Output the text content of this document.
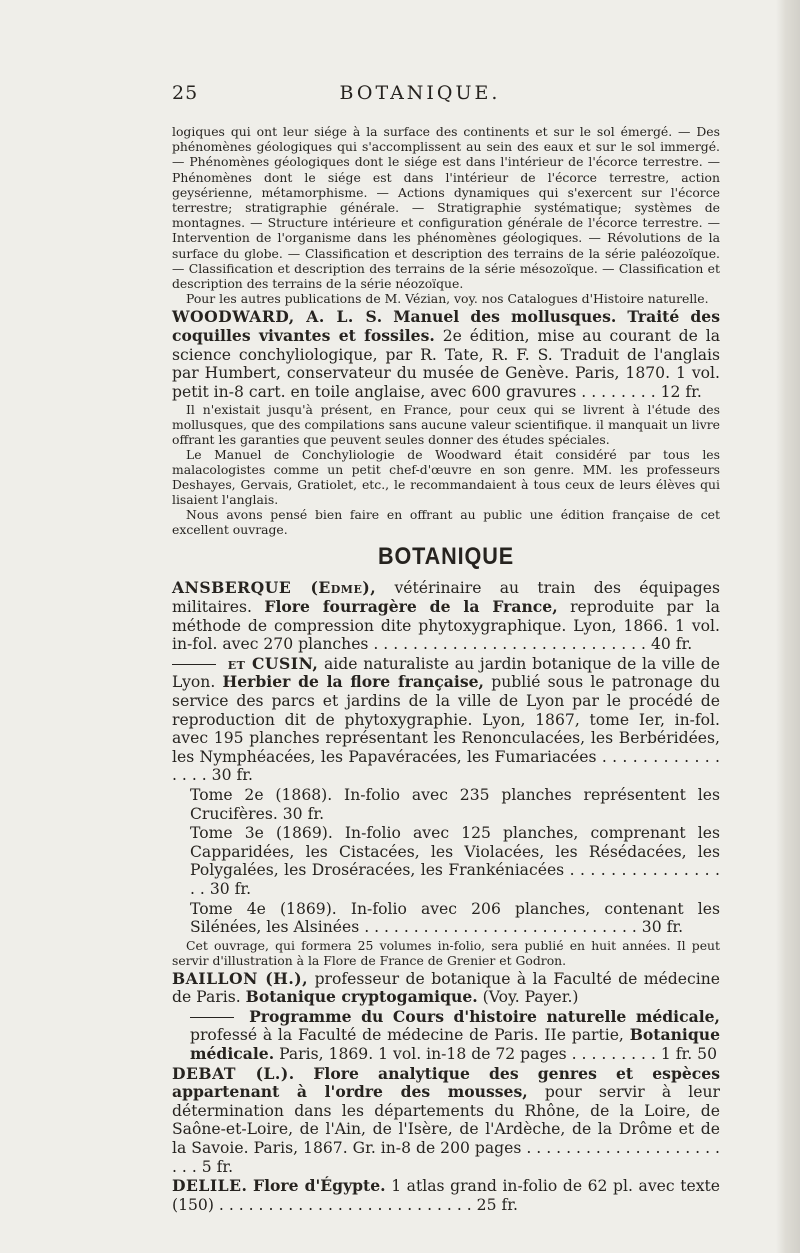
25	BOTANIQUE.

logiques qui ont leur siége à la surface des continents et sur le sol émergé. — Des phénomènes géologiques qui s'accomplissent au sein des eaux et sur le sol immergé. — Phénomènes géologiques dont le siége est dans l'intérieur de l'écorce terrestre. — Phénomènes dont le siége est dans l'intérieur de l'écorce terrestre, action geysérienne, métamorphisme. — Actions dynamiques qui s'exercent sur l'écorce terrestre; stratigraphie générale. — Stratigraphie systématique; systèmes de montagnes. — Structure intérieure et configuration générale de l'écorce terrestre. — Intervention de l'organisme dans les phénomènes géologiques. — Révolutions de la surface du globe. — Classification et description des terrains de la série paléozoïque. — Classification et description des terrains de la série mésozoïque. — Classification et description des terrains de la série néozoïque.

Pour les autres publications de M. Vézian, voy. nos Catalogues d'Histoire naturelle.

WOODWARD, A. L. S. Manuel des mollusques. Traité des coquilles vivantes et fossiles. 2e édition, mise au courant de la science conchyliologique, par R. Tate, R. F. S. Traduit de l'anglais par Humbert, conservateur du musée de Genève. Paris, 1870. 1 vol. petit in-8 cart. en toile anglaise, avec 600 gravures . . . . . . . . 12 fr.

Il n'existait jusqu'à présent, en France, pour ceux qui se livrent à l'étude des mollusques, que des compilations sans aucune valeur scientifique. il manquait un livre offrant les garanties que peuvent seules donner des études spéciales.

Le Manuel de Conchyliologie de Woodward était considéré par tous les malacologistes comme un petit chef-d'œuvre en son genre. MM. les professeurs Deshayes, Gervais, Gratiolet, etc., le recommandaient à tous ceux de leurs élèves qui lisaient l'anglais.

Nous avons pensé bien faire en offrant au public une édition française de cet excellent ouvrage.

BOTANIQUE
ANSBERQUE (Edme), vétérinaire au train des équipages militaires. Flore fourragère de la France, reproduite par la méthode de compression dite phytoxygraphique. Lyon, 1866. 1 vol. in-fol. avec 270 planches . . . . . . . . . . . . . . . . . . . . . . . . . . . . 40 fr.
et CUSIN, aide naturaliste au jardin botanique de la ville de Lyon. Herbier de la flore française, publié sous le patronage du service des parcs et jardins de la ville de Lyon par le procédé de reproduction dit de phytoxygraphie. Lyon, 1867, tome Ier, in-fol. avec 195 planches représentant les Renonculacées, les Berbéridées, les Nymphéacées, les Papavéracées, les Fumariacées . . . . . . . . . . . . . . . . 30 fr.
Tome 2e (1868). In-folio avec 235 planches représentent les Crucifères. 30 fr.
Tome 3e (1869). In-folio avec 125 planches, comprenant les Capparidées, les Cistacées, les Violacées, les Résédacées, les Polygalées, les Droséracées, les Frankéniacées . . . . . . . . . . . . . . . . . 30 fr.
Tome 4e (1869). In-folio avec 206 planches, contenant les Silénées, les Alsinées . . . . . . . . . . . . . . . . . . . . . . . . . . . . 30 fr.

Cet ouvrage, qui formera 25 volumes in-folio, sera publié en huit années. Il peut servir d'illustration à la Flore de France de Grenier et Godron.

BAILLON (H.), professeur de botanique à la Faculté de médecine de Paris. Botanique cryptogamique. (Voy. Payer.)
Programme du Cours d'histoire naturelle médicale, professé à la Faculté de médecine de Paris. IIe partie, Botanique médicale. Paris, 1869. 1 vol. in-18 de 72 pages . . . . . . . . . 1 fr. 50
DEBAT (L.). Flore analytique des genres et espèces appartenant à l'ordre des mousses, pour servir à leur détermination dans les départements du Rhône, de la Loire, de Saône-et-Loire, de l'Ain, de l'Isère, de l'Ardèche, de la Drôme et de la Savoie. Paris, 1867. Gr. in-8 de 200 pages . . . . . . . . . . . . . . . . . . . . . . . 5 fr.
DELILE. Flore d'Égypte. 1 atlas grand in-folio de 62 pl. avec texte (150) . . . . . . . . . . . . . . . . . . . . . . . . . . 25 fr.
